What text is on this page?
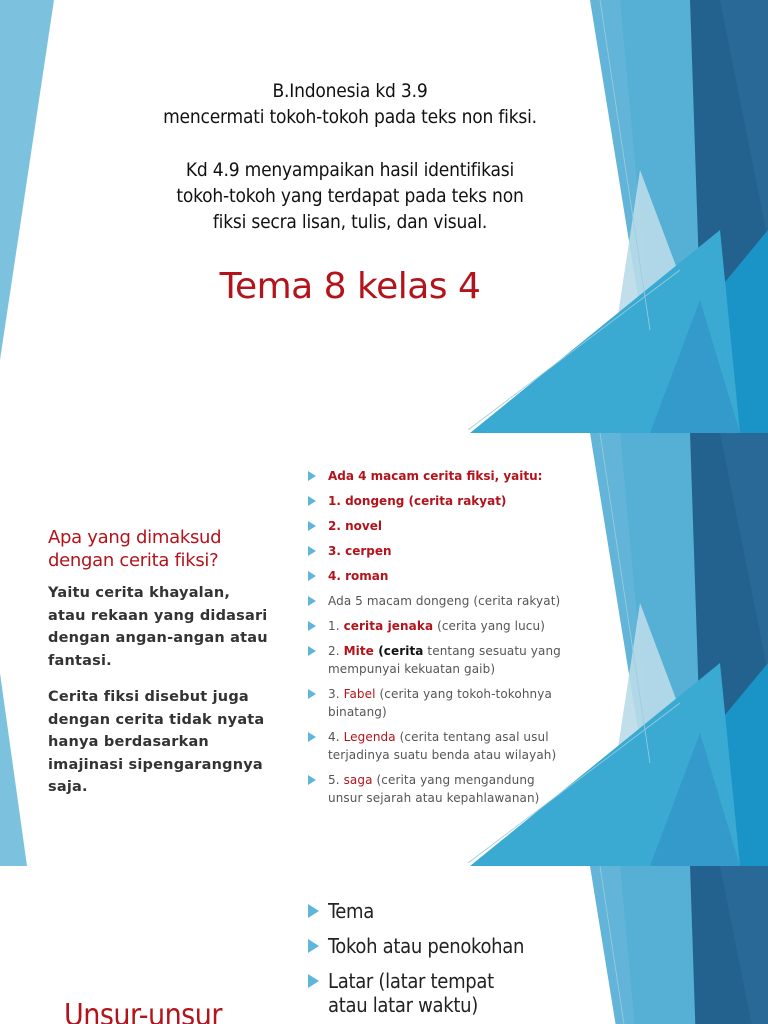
B.Indonesia kd 3.9
mencermati tokoh-tokoh pada teks non fiksi.
Kd 4.9 menyampaikan hasil identifikasi
tokoh-tokoh yang terdapat pada teks non
fiksi secra lisan, tulis, dan visual.
Tema 8 kelas 4
Apa yang dimaksud
dengan cerita fiksi?
Yaitu cerita khayalan,
atau rekaan yang didasari
dengan angan-angan atau
fantasi.
Cerita fiksi disebut juga
dengan cerita tidak nyata
hanya berdasarkan
imajinasi sipengarangnya
saja.
Ada 4 macam cerita fiksi, yaitu:
1. dongeng (cerita rakyat)
2. novel
3. cerpen
4. roman
Ada 5 macam dongeng (cerita rakyat)
1. cerita jenaka (cerita yang lucu)
2. Mite (cerita tentang sesuatu yang
mempunyai kekuatan gaib)
3. Fabel (cerita yang tokoh-tokohnya
binatang)
4. Legenda (cerita tentang asal usul
terjadinya suatu benda atau wilayah)
5. saga (cerita yang mengandung
unsur sejarah atau kepahlawanan)
Tema
Tokoh atau penokohan
Latar (latar tempat
atau latar waktu)
Unsur-unsur
